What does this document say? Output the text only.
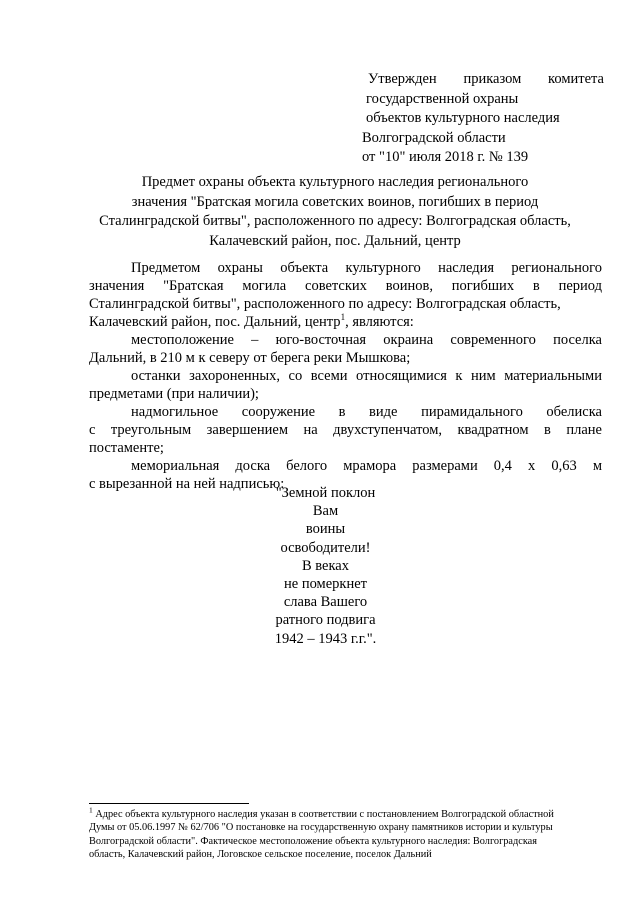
Утвержден приказом комитета
государственной охраны
объектов культурного наследия
Волгоградской области
от "10" июля 2018 г. № 139
Предмет охраны объекта культурного наследия регионального
значения "Братская могила советских воинов, погибших в период
Сталинградской битвы", расположенного по адресу: Волгоградская область,
Калачевский район, пос. Дальний, центр
Предметом охраны объекта культурного наследия регионального
значения "Братская могила советских воинов, погибших в период
Сталинградской битвы", расположенного по адресу: Волгоградская область,
Калачевский район, пос. Дальний, центр$^1$, являются:
местоположение – юго-восточная окраина современного поселка
Дальний, в 210 м к северу от берега реки Мышкова;
останки захороненных, со всеми относящимися к ним материальными
предметами (при наличии);
надмогильное сооружение в виде пирамидального обелиска
с треугольным завершением на двухступенчатом, квадратном в плане
постаменте;
мемориальная доска белого мрамора размерами 0,4 х 0,63 м
с вырезанной на ней надписью:
"Земной поклон
Вам
воины
освободители!
В веках
не померкнет
слава Вашего
ратного подвига
1942 – 1943 г.г.".
$^1$ Адрес объекта культурного наследия указан в соответствии с постановлением Волгоградской областной
Думы от 05.06.1997 № 62/706 "О постановке на государственную охрану памятников истории и культуры
Волгоградской области". Фактическое местоположение объекта культурного наследия: Волгоградская
область, Калачевский район, Логовское сельское поселение, поселок Дальний
